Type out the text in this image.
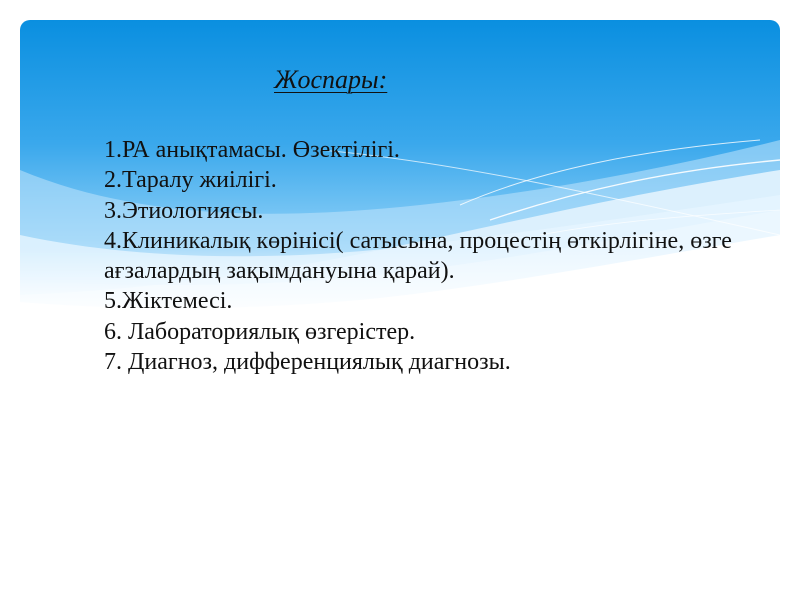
Жоспары:
1.РА анықтамасы. Өзектілігі.
2.Таралу жиілігі.
3.Этиологиясы.
4.Клиникалық көрінісі( сатысына, процестің өткірлігіне, өзге ағзалардың зақымдануына қарай).
5.Жіктемесі.
6. Лабораториялық өзгерістер.
7. Диагноз, дифференциялық диагнозы.
